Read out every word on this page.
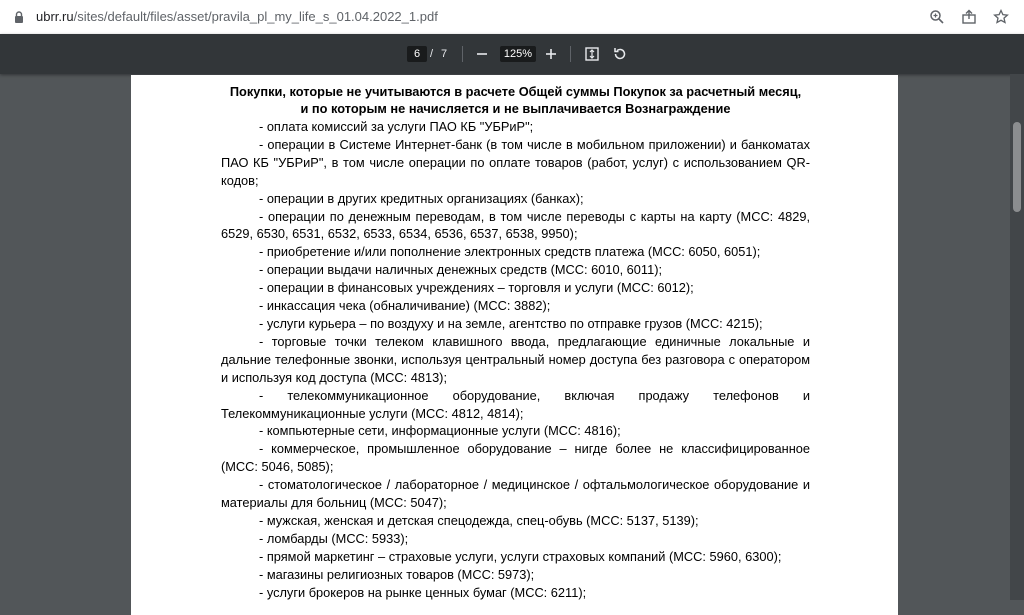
ubrr.ru/sites/default/files/asset/pravila_pl_my_life_s_01.04.2022_1.pdf
6 / 7	125%
Покупки, которые не учитываются в расчете Общей суммы Покупок за расчетный месяц,
и по которым не начисляется и не выплачивается Вознаграждение
- оплата комиссий за услуги ПАО КБ "УБРиР";
- операции в Системе Интернет-банк (в том числе в мобильном приложении) и банкоматах ПАО КБ "УБРиР", в том числе операции по оплате товаров (работ, услуг) с использованием QR-кодов;
- операции в других кредитных организациях (банках);
- операции по денежным переводам, в том числе переводы с карты на карту (MCC: 4829, 6529, 6530, 6531, 6532, 6533, 6534, 6536, 6537, 6538, 9950);
- приобретение и/или пополнение электронных средств платежа (MCC: 6050, 6051);
- операции выдачи наличных денежных средств (MCC: 6010, 6011);
- операции в финансовых учреждениях – торговля и услуги (MCC: 6012);
- инкассация чека (обналичивание) (MCC: 3882);
- услуги курьера – по воздуху и на земле, агентство по отправке грузов (MCC: 4215);
- торговые точки телеком клавишного ввода, предлагающие единичные локальные и дальние телефонные звонки, используя центральный номер доступа без разговора с оператором и используя код доступа (MCC: 4813);
- телекоммуникационное оборудование, включая продажу телефонов и Телекоммуникационные услуги (MCC: 4812, 4814);
- компьютерные сети, информационные услуги (MCC: 4816);
- коммерческое, промышленное оборудование – нигде более не классифицированное (MCC: 5046, 5085);
- стоматологическое / лабораторное / медицинское / офтальмологическое оборудование и материалы для больниц (MCC: 5047);
- мужская, женская и детская спецодежда, спец-обувь (MCC: 5137, 5139);
- ломбарды (MCC: 5933);
- прямой маркетинг – страховые услуги, услуги страховых компаний (MCC: 5960, 6300);
- магазины религиозных товаров (MCC: 5973);
- услуги брокеров на рынке ценных бумаг (MCC: 6211);
